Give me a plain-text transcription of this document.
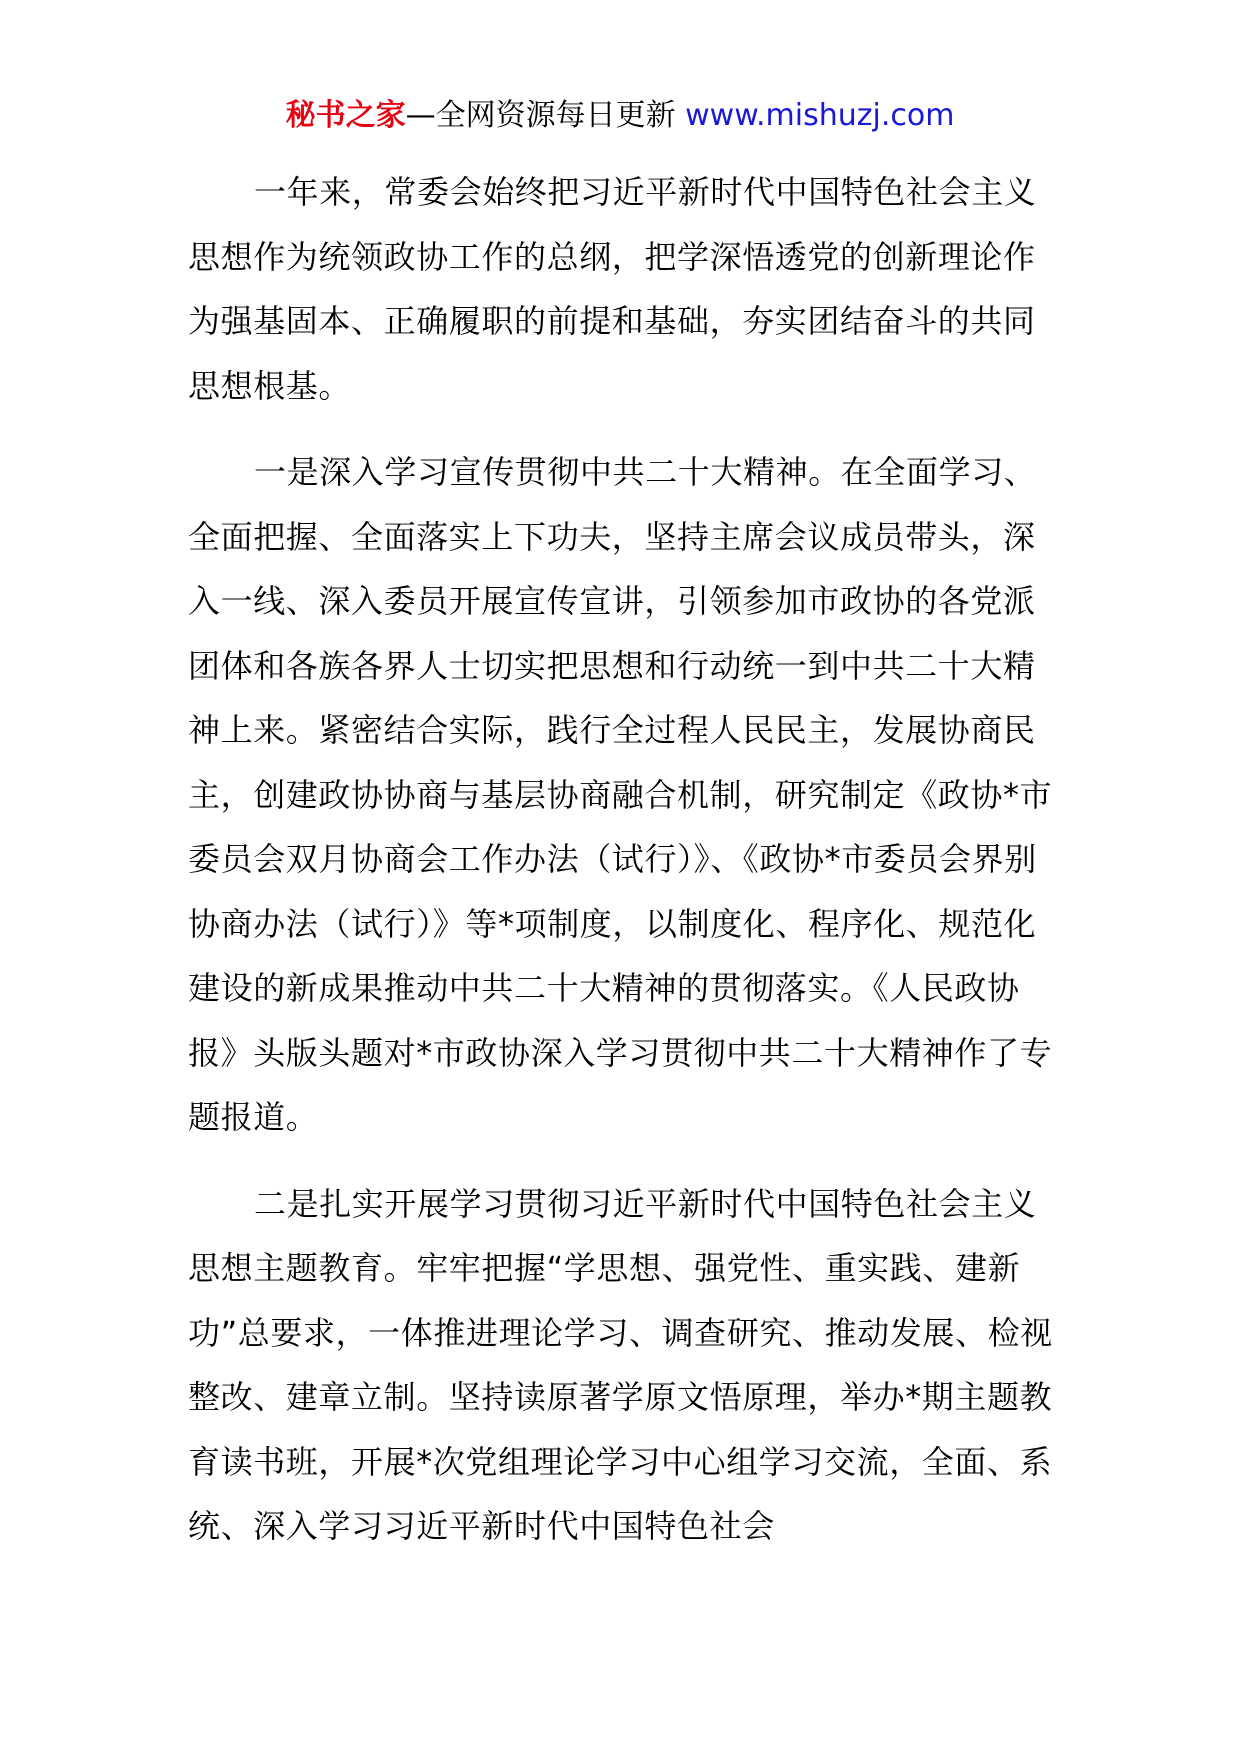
秘书之家—全网资源每日更新 www.mishuzj.com

一年来，常委会始终把习近平新时代中国特色社会主义思想作为统领政协工作的总纲，把学深悟透党的创新理论作为强基固本、正确履职的前提和基础，夯实团结奋斗的共同思想根基。

一是深入学习宣传贯彻中共二十大精神。在全面学习、全面把握、全面落实上下功夫，坚持主席会议成员带头，深入一线、深入委员开展宣传宣讲，引领参加市政协的各党派团体和各族各界人士切实把思想和行动统一到中共二十大精神上来。紧密结合实际，践行全过程人民民主，发展协商民主，创建政协协商与基层协商融合机制，研究制定《政协*市委员会双月协商会工作办法（试行）》、《政协*市委员会界别协商办法（试行）》等*项制度，以制度化、程序化、规范化建设的新成果推动中共二十大精神的贯彻落实。《人民政协报》头版头题对*市政协深入学习贯彻中共二十大精神作了专题报道。

二是扎实开展学习贯彻习近平新时代中国特色社会主义思想主题教育。牢牢把握“学思想、强党性、重实践、建新功”总要求，一体推进理论学习、调查研究、推动发展、检视整改、建章立制。坚持读原著学原文悟原理，举办*期主题教育读书班，开展*次党组理论学习中心组学习交流，全面、系统、深入学习习近平新时代中国特色社会
